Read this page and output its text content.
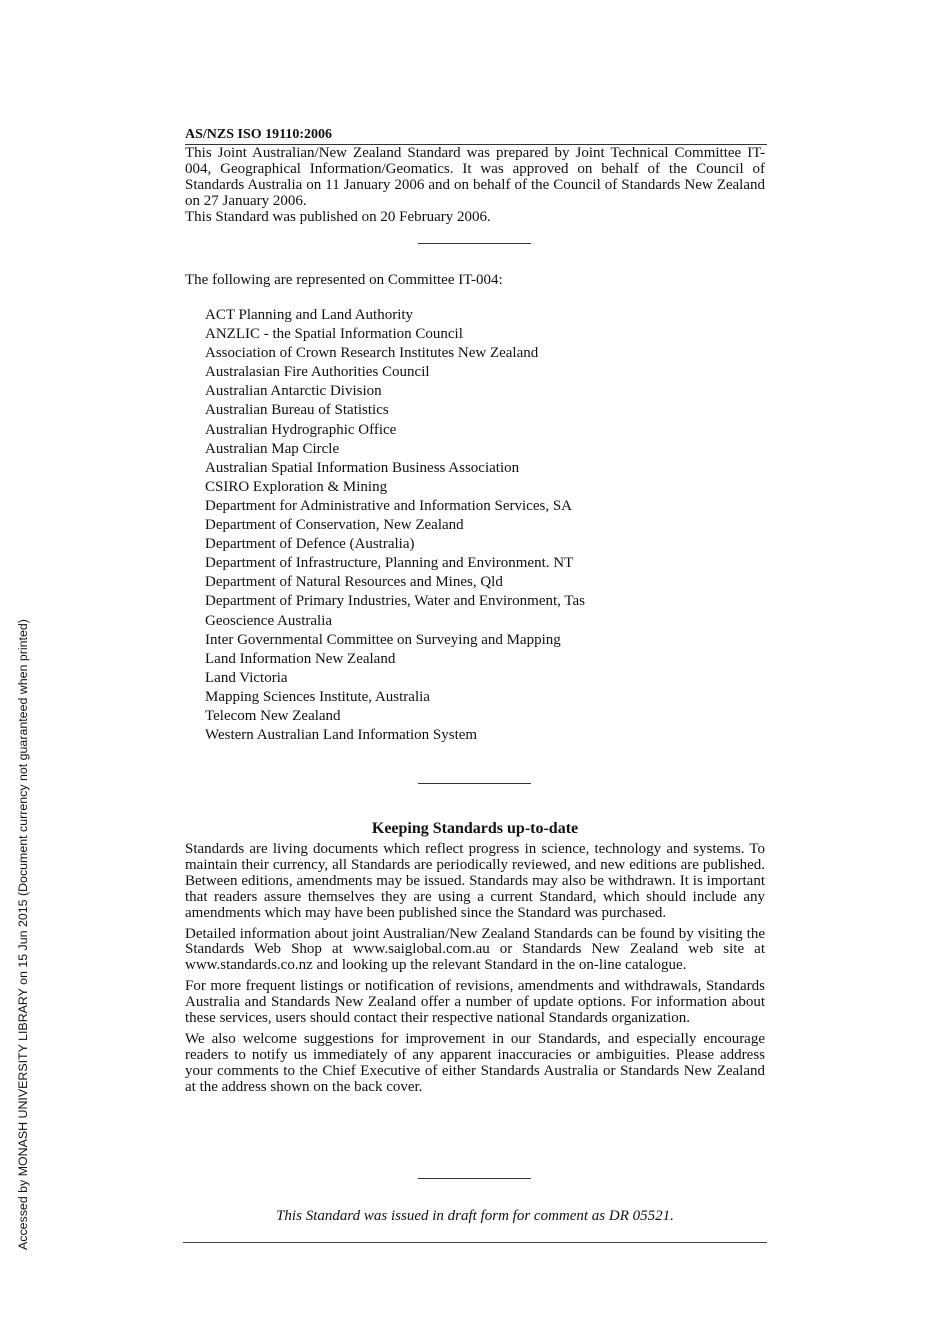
AS/NZS ISO 19110:2006

This Joint Australian/New Zealand Standard was prepared by Joint Technical Committee IT-004, Geographical Information/Geomatics. It was approved on behalf of the Council of Standards Australia on 11 January 2006 and on behalf of the Council of Standards New Zealand on 27 January 2006.

This Standard was published on 20 February 2006.

The following are represented on Committee IT-004:
ACT Planning and Land Authority
ANZLIC - the Spatial Information Council
Association of Crown Research Institutes New Zealand
Australasian Fire Authorities Council
Australian Antarctic Division
Australian Bureau of Statistics
Australian Hydrographic Office
Australian Map Circle
Australian Spatial Information Business Association
CSIRO Exploration & Mining
Department for Administrative and Information Services, SA
Department of Conservation, New Zealand
Department of Defence (Australia)
Department of Infrastructure, Planning and Environment. NT
Department of Natural Resources and Mines, Qld
Department of Primary Industries, Water and Environment, Tas
Geoscience Australia
Inter Governmental Committee on Surveying and Mapping
Land Information New Zealand
Land Victoria
Mapping Sciences Institute, Australia
Telecom New Zealand
Western Australian Land Information System
Keeping Standards up-to-date

Standards are living documents which reflect progress in science, technology and systems. To maintain their currency, all Standards are periodically reviewed, and new editions are published. Between editions, amendments may be issued. Standards may also be withdrawn. It is important that readers assure themselves they are using a current Standard, which should include any amendments which may have been published since the Standard was purchased.

Detailed information about joint Australian/New Zealand Standards can be found by visiting the Standards Web Shop at www.saiglobal.com.au or Standards New Zealand web site at www.standards.co.nz and looking up the relevant Standard in the on-line catalogue.

For more frequent listings or notification of revisions, amendments and withdrawals, Standards Australia and Standards New Zealand offer a number of update options. For information about these services, users should contact their respective national Standards organization.

We also welcome suggestions for improvement in our Standards, and especially encourage readers to notify us immediately of any apparent inaccuracies or ambiguities. Please address your comments to the Chief Executive of either Standards Australia or Standards New Zealand at the address shown on the back cover.

This Standard was issued in draft form for comment as DR 05521.
Accessed by MONASH UNIVERSITY LIBRARY on 15 Jun 2015 (Document currency not guaranteed when printed)
